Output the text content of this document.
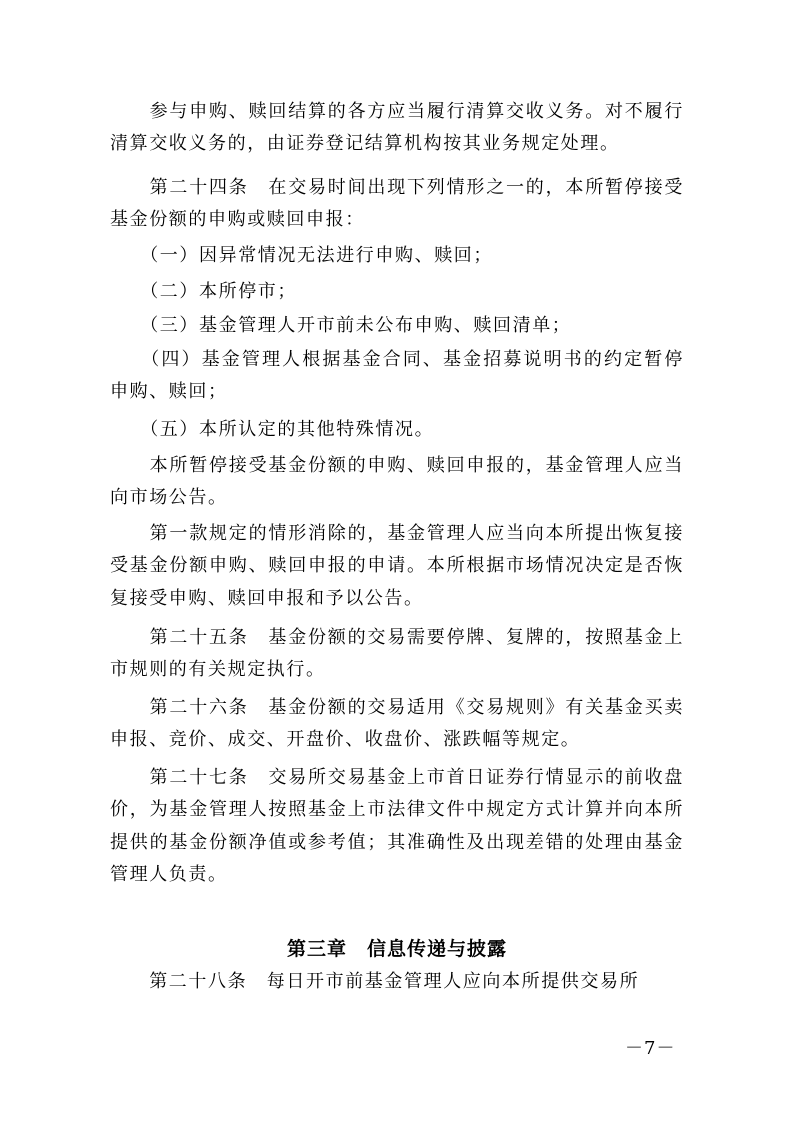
　　参与申购、赎回结算的各方应当履行清算交收义务。对不履行清算交收义务的，由证券登记结算机构按其业务规定处理。
　　第二十四条　在交易时间出现下列情形之一的，本所暂停接受基金份额的申购或赎回申报：
　　（一）因异常情况无法进行申购、赎回；
　　（二）本所停市；
　　（三）基金管理人开市前未公布申购、赎回清单；
　　（四）基金管理人根据基金合同、基金招募说明书的约定暂停申购、赎回；
　　（五）本所认定的其他特殊情况。
　　本所暂停接受基金份额的申购、赎回申报的，基金管理人应当向市场公告。
　　第一款规定的情形消除的，基金管理人应当向本所提出恢复接受基金份额申购、赎回申报的申请。本所根据市场情况决定是否恢复接受申购、赎回申报和予以公告。
　　第二十五条　基金份额的交易需要停牌、复牌的，按照基金上市规则的有关规定执行。
　　第二十六条　基金份额的交易适用《交易规则》有关基金买卖申报、竞价、成交、开盘价、收盘价、涨跌幅等规定。
　　第二十七条　交易所交易基金上市首日证券行情显示的前收盘价，为基金管理人按照基金上市法律文件中规定方式计算并向本所提供的基金份额净值或参考值；其准确性及出现差错的处理由基金管理人负责。
第三章　信息传递与披露
　　第二十八条　每日开市前基金管理人应向本所提供交易所
－7－
